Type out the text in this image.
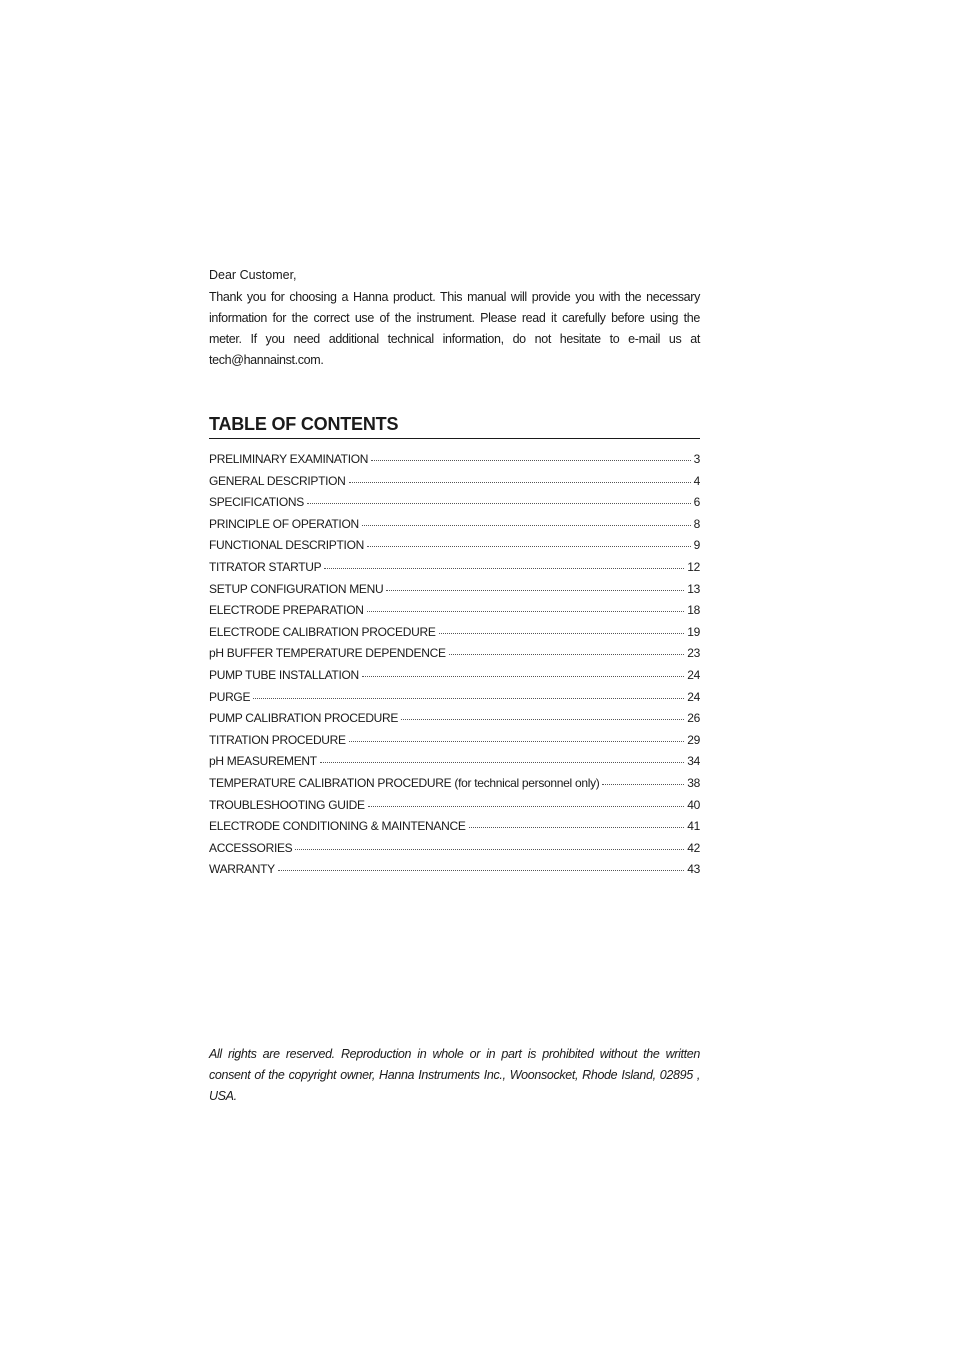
Dear Customer,
Thank you for choosing a Hanna product. This manual will provide you with the necessary information for the correct use of the instrument. Please read it carefully before using the meter. If you need additional technical information, do not hesitate to e-mail us at tech@hannainst.com.
TABLE OF CONTENTS
PRELIMINARY EXAMINATION	3
GENERAL DESCRIPTION	4
SPECIFICATIONS	6
PRINCIPLE OF OPERATION	8
FUNCTIONAL DESCRIPTION	9
TITRATOR STARTUP	12
SETUP CONFIGURATION MENU	13
ELECTRODE PREPARATION	18
ELECTRODE CALIBRATION PROCEDURE	19
pH BUFFER TEMPERATURE DEPENDENCE	23
PUMP TUBE INSTALLATION	24
PURGE	24
PUMP CALIBRATION PROCEDURE	26
TITRATION PROCEDURE	29
pH MEASUREMENT	34
TEMPERATURE CALIBRATION PROCEDURE (for technical personnel only)	38
TROUBLESHOOTING GUIDE	40
ELECTRODE CONDITIONING & MAINTENANCE	41
ACCESSORIES	42
WARRANTY	43
All rights are reserved. Reproduction in whole or in part is prohibited without the written consent of the copyright owner, Hanna Instruments Inc., Woonsocket, Rhode Island, 02895 , USA.
